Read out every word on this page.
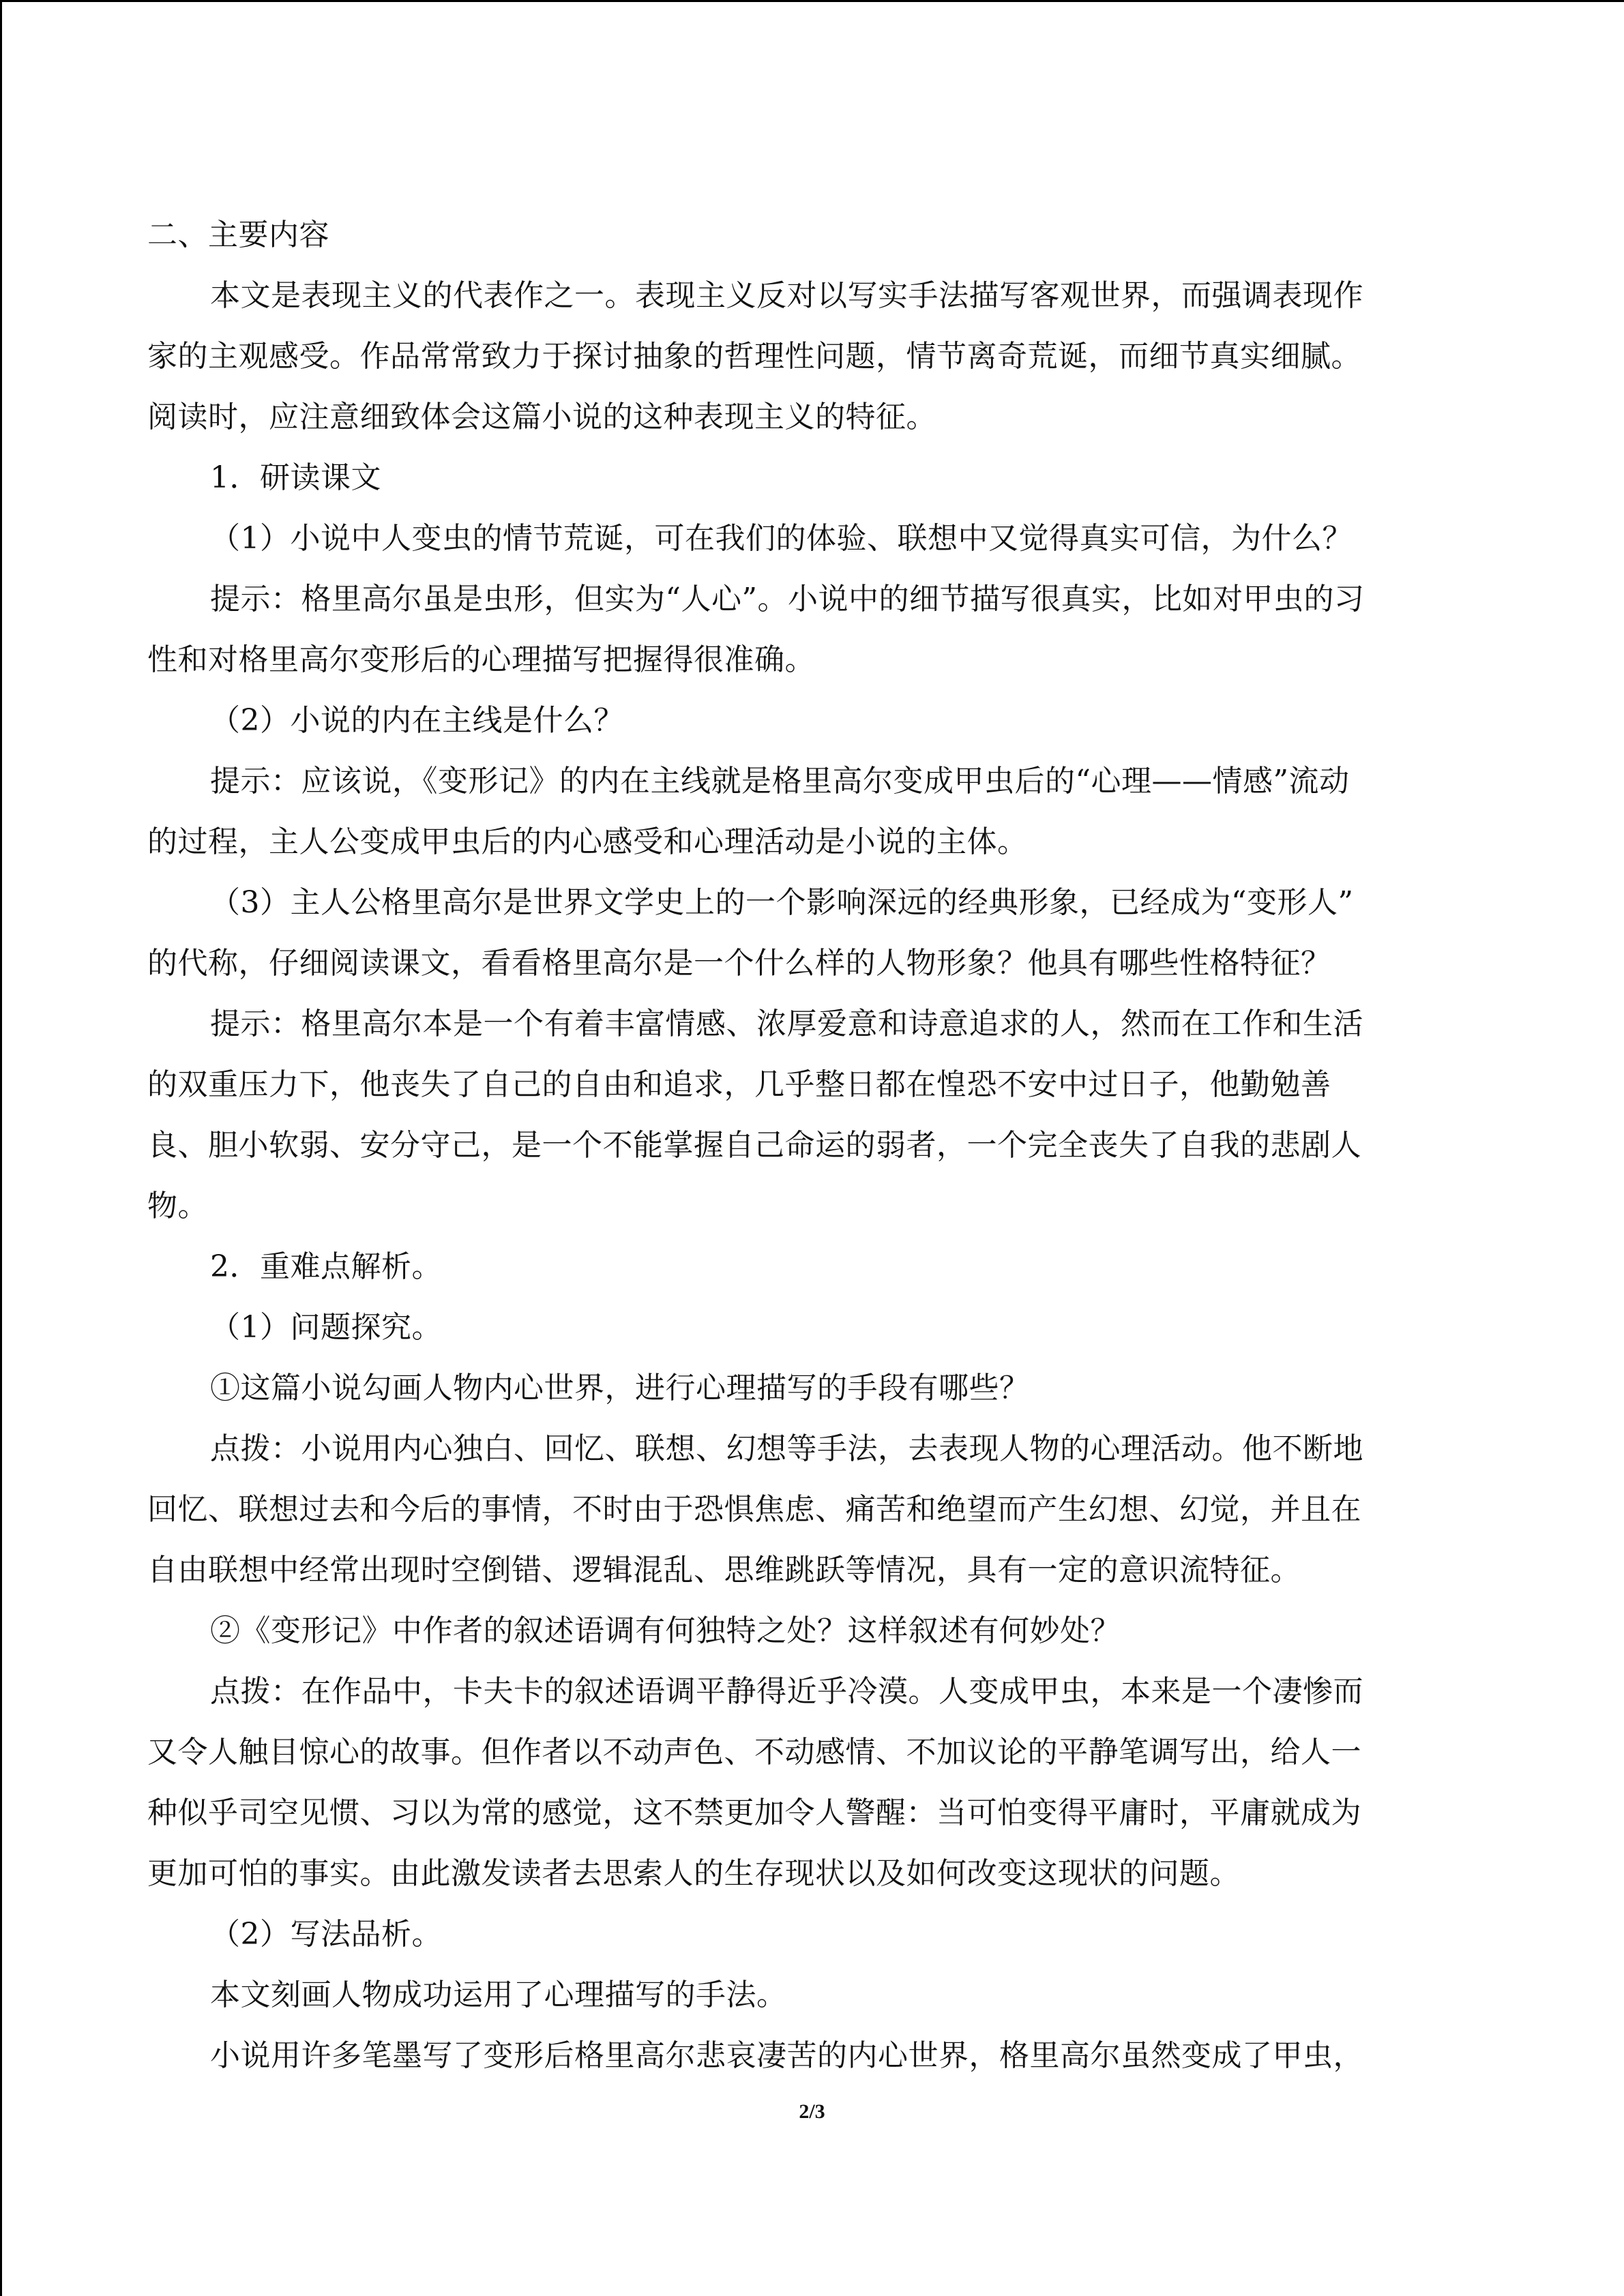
二、主要内容
本文是表现主义的代表作之一。表现主义反对以写实手法描写客观世界，而强调表现作
家的主观感受。作品常常致力于探讨抽象的哲理性问题，情节离奇荒诞，而细节真实细腻。
阅读时，应注意细致体会这篇小说的这种表现主义的特征。
1．研读课文
（1）小说中人变虫的情节荒诞，可在我们的体验、联想中又觉得真实可信，为什么？
提示：格里高尔虽是虫形，但实为“人心”。小说中的细节描写很真实，比如对甲虫的习
性和对格里高尔变形后的心理描写把握得很准确。
（2）小说的内在主线是什么？
提示：应该说，《变形记》的内在主线就是格里高尔变成甲虫后的“心理——情感”流动
的过程，主人公变成甲虫后的内心感受和心理活动是小说的主体。
（3）主人公格里高尔是世界文学史上的一个影响深远的经典形象，已经成为“变形人”
的代称，仔细阅读课文，看看格里高尔是一个什么样的人物形象？他具有哪些性格特征？
提示：格里高尔本是一个有着丰富情感、浓厚爱意和诗意追求的人，然而在工作和生活
的双重压力下，他丧失了自己的自由和追求，几乎整日都在惶恐不安中过日子，他勤勉善
良、胆小软弱、安分守己，是一个不能掌握自己命运的弱者，一个完全丧失了自我的悲剧人
物。
2．重难点解析。
（1）问题探究。
①这篇小说勾画人物内心世界，进行心理描写的手段有哪些？
点拨：小说用内心独白、回忆、联想、幻想等手法，去表现人物的心理活动。他不断地
回忆、联想过去和今后的事情，不时由于恐惧焦虑、痛苦和绝望而产生幻想、幻觉，并且在
自由联想中经常出现时空倒错、逻辑混乱、思维跳跃等情况，具有一定的意识流特征。
②《变形记》中作者的叙述语调有何独特之处？这样叙述有何妙处？
点拨：在作品中，卡夫卡的叙述语调平静得近乎冷漠。人变成甲虫，本来是一个凄惨而
又令人触目惊心的故事。但作者以不动声色、不动感情、不加议论的平静笔调写出，给人一
种似乎司空见惯、习以为常的感觉，这不禁更加令人警醒：当可怕变得平庸时，平庸就成为
更加可怕的事实。由此激发读者去思索人的生存现状以及如何改变这现状的问题。
（2）写法品析。
本文刻画人物成功运用了心理描写的手法。
小说用许多笔墨写了变形后格里高尔悲哀凄苦的内心世界，格里高尔虽然变成了甲虫，
2/3
